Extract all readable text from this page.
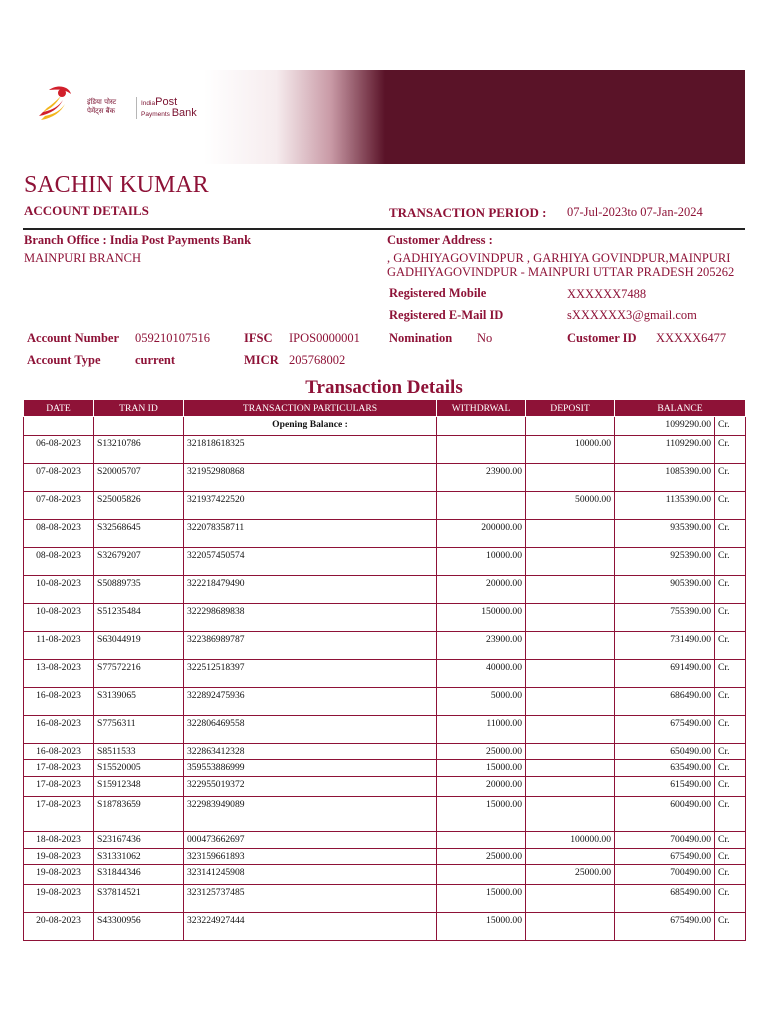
इंडिया पोस्ट
पेमेंट्स बैंक
IndiaPost
Payments Bank
SACHIN KUMAR
ACCOUNT DETAILS	TRANSACTION PERIOD : 07-Jul-2023to 07-Jan-2024
Branch Office : India Post Payments Bank
MAINPURI BRANCH
Customer Address :
, GADHIYAGOVINDPUR , GARHIYA GOVINDPUR,MAINPURI
GADHIYAGOVINDPUR - MAINPURI UTTAR PRADESH 205262
Registered Mobile	XXXXXX7488
Registered E-Mail ID	sXXXXXX3@gmail.com
Account Number 059210107516	IFSC IPOS0000001 Nomination No	Customer ID XXXXX6477
Account Type	current	MICR 205768002
Transaction Details
DATE	TRAN ID	TRANSACTION PARTICULARS	WITHDRWAL	DEPOSIT	BALANCE	
		Opening Balance :			1099290.00	Cr.
06-08-2023	S13210786	321818618325		10000.00	1109290.00	Cr.
07-08-2023	S20005707	321952980868	23900.00		1085390.00	Cr.
07-08-2023	S25005826	321937422520		50000.00	1135390.00	Cr.
08-08-2023	S32568645	322078358711	200000.00		935390.00	Cr.
08-08-2023	S32679207	322057450574	10000.00		925390.00	Cr.
10-08-2023	S50889735	322218479490	20000.00		905390.00	Cr.
10-08-2023	S51235484	322298689838	150000.00		755390.00	Cr.
11-08-2023	S63044919	322386989787	23900.00		731490.00	Cr.
13-08-2023	S77572216	322512518397	40000.00		691490.00	Cr.
16-08-2023	S3139065	322892475936	5000.00		686490.00	Cr.
16-08-2023	S7756311	322806469558	11000.00		675490.00	Cr.
16-08-2023	S8511533	322863412328	25000.00		650490.00	Cr.
17-08-2023	S15520005	359553886999	15000.00		635490.00	Cr.
17-08-2023	S15912348	322955019372	20000.00		615490.00	Cr.
17-08-2023	S18783659	322983949089	15000.00		600490.00	Cr.
18-08-2023	S23167436	000473662697		100000.00	700490.00	Cr.
19-08-2023	S31331062	323159661893	25000.00		675490.00	Cr.
19-08-2023	S31844346	323141245908		25000.00	700490.00	Cr.
19-08-2023	S37814521	323125737485	15000.00		685490.00	Cr.
20-08-2023	S43300956	323224927444	15000.00		675490.00	Cr.
